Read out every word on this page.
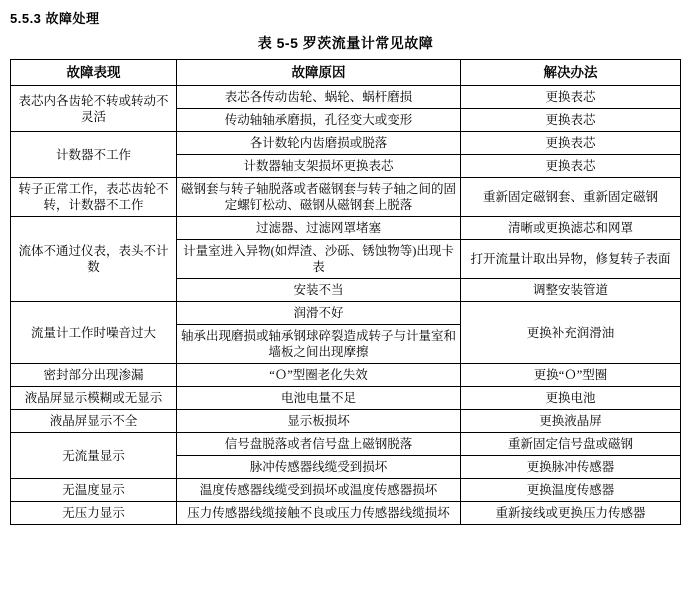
5.5.3 故障处理
表 5-5 罗茨流量计常见故障
故障表现	故障原因	解决办法
表芯内各齿轮不转或转动不灵活	表芯各传动齿轮、蜗轮、蜗杆磨损	更换表芯
	传动轴轴承磨损，孔径变大或变形	更换表芯
计数器不工作	各计数轮内齿磨损或脱落	更换表芯
	计数器轴支架损坏更换表芯	更换表芯
转子正常工作，表芯齿轮不转，计数器不工作	磁钢套与转子轴脱落或者磁钢套与转子轴之间的固定螺钉松动、磁钢从磁钢套上脱落	重新固定磁钢套、重新固定磁钢
流体不通过仪表，表头不计数	过滤器、过滤网罩堵塞	清晰或更换滤芯和网罩
	计量室进入异物(如焊渣、沙砾、锈蚀物等)出现卡表	打开流量计取出异物，修复转子表面
	安装不当	调整安装管道
流量计工作时噪音过大	润滑不好	更换补充润滑油
	轴承出现磨损或轴承钢球碎裂造成转子与计量室和墙板之间出现摩擦	
密封部分出现渗漏	“Ｏ”型圈老化失效	更换“Ｏ”型圈
液晶屏显示模糊或无显示	电池电量不足	更换电池
液晶屏显示不全	显示板损坏	更换液晶屏
无流量显示	信号盘脱落或者信号盘上磁钢脱落	重新固定信号盘或磁钢
	脉冲传感器线缆受到损坏	更换脉冲传感器
无温度显示	温度传感器线缆受到损坏或温度传感器损坏	更换温度传感器
无压力显示	压力传感器线缆接触不良或压力传感器线缆损坏	重新接线或更换压力传感器
